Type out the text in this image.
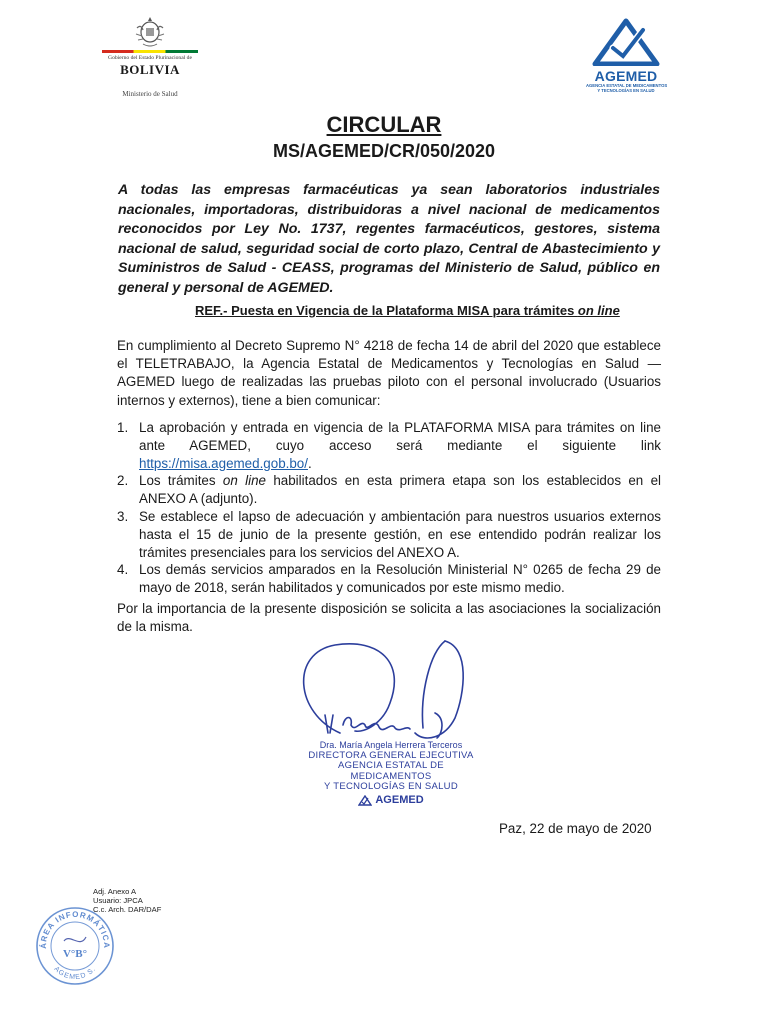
Gobierno del Estado Plurinacional de
BOLIVIA
Ministerio de Salud
AGEMED
AGENCIA ESTATAL DE MEDICAMENTOS
Y TECNOLOGÍAS EN SALUD
CIRCULAR
MS/AGEMED/CR/050/2020
A todas las empresas farmacéuticas ya sean laboratorios industriales nacionales, importadoras, distribuidoras a nivel nacional de medicamentos reconocidos por Ley No. 1737, regentes farmacéuticos, gestores, sistema nacional de salud, seguridad social de corto plazo, Central de Abastecimiento y Suministros de Salud - CEASS, programas del Ministerio de Salud, público en general y personal de AGEMED.
REF.- Puesta en Vigencia de la Plataforma MISA para trámites on line
En cumplimiento al Decreto Supremo N° 4218 de fecha 14 de abril del 2020 que establece el TELETRABAJO, la Agencia Estatal de Medicamentos y Tecnologías en Salud — AGEMED luego de realizadas las pruebas piloto con el personal involucrado (Usuarios internos y externos), tiene a bien comunicar:
1. La aprobación y entrada en vigencia de la PLATAFORMA MISA para trámites on line ante AGEMED, cuyo acceso será mediante el siguiente link https://misa.agemed.gob.bo/.
2. Los trámites on line habilitados en esta primera etapa son los establecidos en el ANEXO A (adjunto).
3. Se establece el lapso de adecuación y ambientación para nuestros usuarios externos hasta el 15 de junio de la presente gestión, en ese entendido podrán realizar los trámites presenciales para los servicios del ANEXO A.
4. Los demás servicios amparados en la Resolución Ministerial N° 0265 de fecha 29 de mayo de 2018, serán habilitados y comunicados por este mismo medio.
Por la importancia de la presente disposición se solicita a las asociaciones la socialización de la misma.
Dra. María Angela Herrera Terceros
DIRECTORA GENERAL EJECUTIVA
AGENCIA ESTATAL DE MEDICAMENTOS
Y TECNOLOGÍAS EN SALUD
AGEMED
Paz, 22 de mayo de 2020
Adj. Anexo A
Usuario: JPCA
C.c. Arch. DAR/DAF
ÁREA INFORMÁTICA
AGEMED S.
V°B°
